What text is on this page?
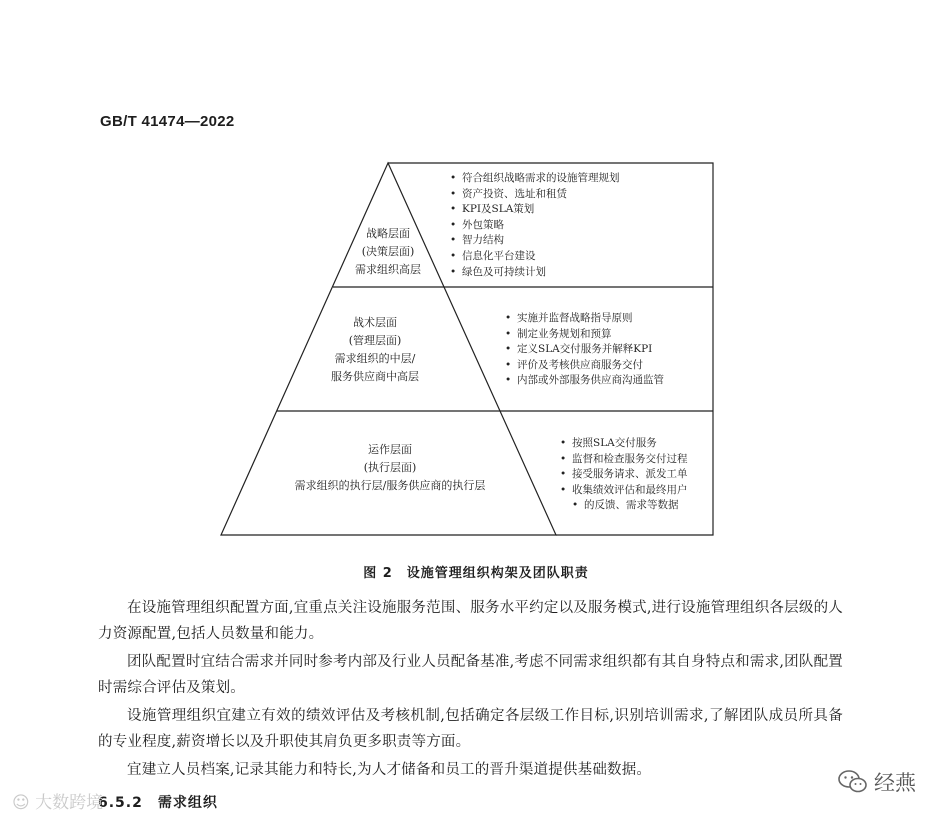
GB/T 41474—2022
战略层面
(决策层面)
需求组织高层
• 符合组织战略需求的设施管理规划
• 资产投资、选址和租赁
• KPI及SLA策划
• 外包策略
• 智力结构
• 信息化平台建设
• 绿色及可持续计划
战术层面
(管理层面)
需求组织的中层/
服务供应商中高层
• 实施并监督战略指导原则
• 制定业务规划和预算
• 定义SLA交付服务并解释KPI
• 评价及考核供应商服务交付
• 内部或外部服务供应商沟通监管
运作层面
(执行层面)
需求组织的执行层/服务供应商的执行层
• 按照SLA交付服务
• 监督和检查服务交付过程
• 接受服务请求、派发工单
• 收集绩效评估和最终用户
• 的反馈、需求等数据
图 2　设施管理组织构架及团队职责
在设施管理组织配置方面,宜重点关注设施服务范围、服务水平约定以及服务模式,进行设施管理组织各层级的人力资源配置,包括人员数量和能力。
团队配置时宜结合需求并同时参考内部及行业人员配备基准,考虑不同需求组织都有其自身特点和需求,团队配置时需综合评估及策划。
设施管理组织宜建立有效的绩效评估及考核机制,包括确定各层级工作目标,识别培训需求,了解团队成员所具备的专业程度,薪资增长以及升职使其肩负更多职责等方面。
宜建立人员档案,记录其能力和特长,为人才储备和员工的晋升渠道提供基础数据。
6.5.2　需求组织
☺ 大数跨境
经燕
